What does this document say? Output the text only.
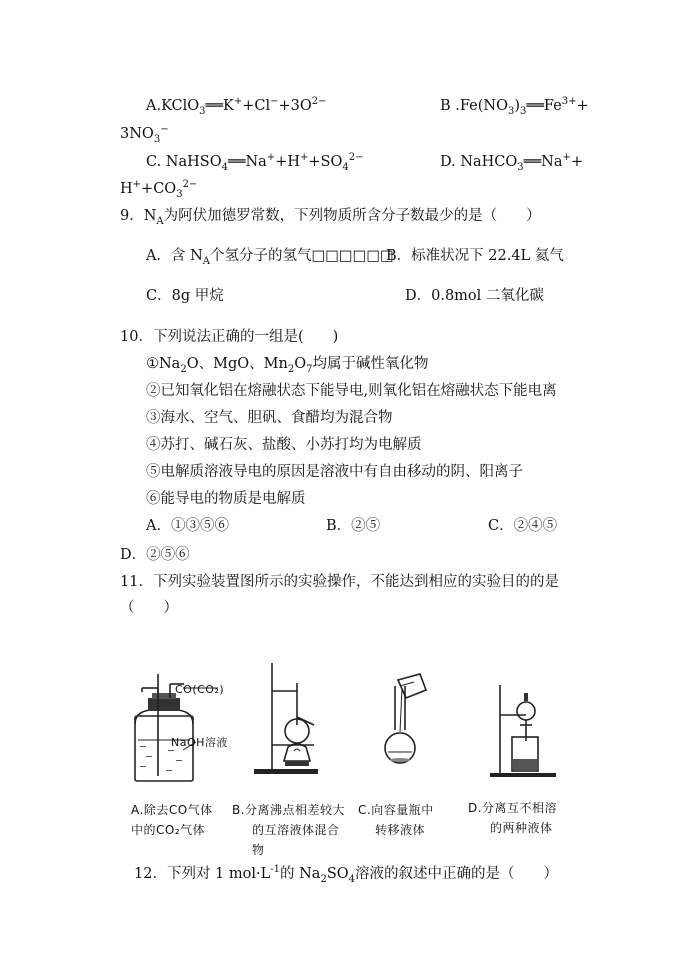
$A.KClO_3══K^++Cl^-+3O^{2-}$	B $.Fe(NO_3)_3══Fe^{3+}+$
$3NO_3^-$
C. $NaHSO_4══Na^++H^++SO_4^{2-}$	D. NaHCO$_3$══Na++
$H^++CO_3^{2-}$
9．$N_A$为阿伏加德罗常数，下列物质所含分子数最少的是（　　）
A．含 $N_A$个氢分子的氢气□□□□□□
B．标准状况下 22.4L 氦气
C．8g 甲烷	D．0.8mol 二氧化碳
10．下列说法正确的一组是(　　)
$①Na_2O$、MgO、$Mn_2O_7$均属于碱性氧化物
②已知氧化铝在熔融状态下能导电,则氧化铝在熔融状态下能电离
③海水、空气、胆矾、食醋均为混合物
④苏打、碱石灰、盐酸、小苏打均为电解质
⑤电解质溶液导电的原因是溶液中有自由移动的阴、阳离子
⑥能导电的物质是电解质
A．①③⑤⑥	B．②⑤	C．②④⑤
D．②⑤⑥
11．下列实验装置图所示的实验操作，不能达到相应的实验目的的是
（　　）
CO(CO₂)
NaOH溶液
A.除去CO气体
中的CO₂气体
B.分离沸点相差较大
的互溶液体混合
物
C.向容量瓶中
转移液体
D.分离互不相溶
的两种液体
12．下列对 1 $mol\cdot L^{-1}$的 $Na_2SO_4$溶液的叙述中正确的是（　　）
